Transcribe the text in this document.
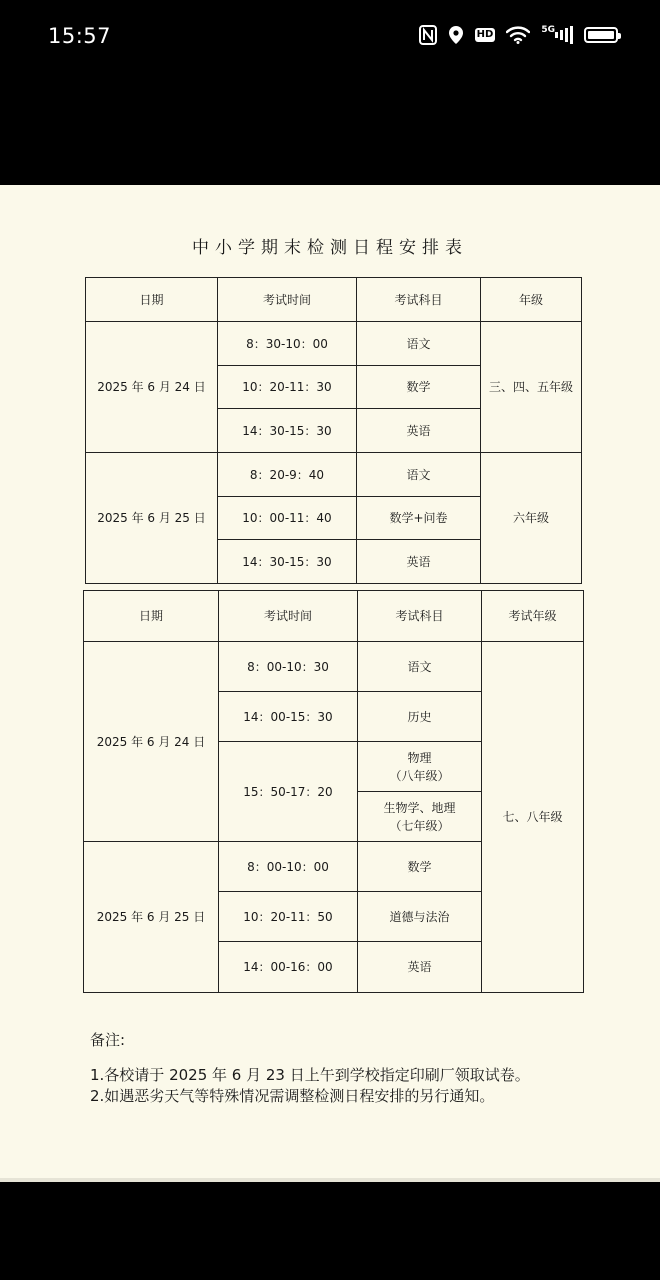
15:57	HD	5G
中小学期末检测日程安排表
日期	考试时间	考试科目	年级
2025 年 6 月 24 日	8：30-10：00	语文	三、四、五年级
	10：20-11：30	数学	
	14：30-15：30	英语	
2025 年 6 月 25 日	8：20-9：40	语文	六年级
	10：00-11：40	数学+问卷	
	14：30-15：30	英语	
日期	考试时间	考试科目	考试年级
2025 年 6 月 24 日	8：00-10：30	语文	七、八年级
	14：00-15：30	历史	
	15：50-17：20	物理
（八年级）	

		生物学、地理
（七年级）	

2025 年 6 月 25 日	8：00-10：00	数学	
	10：20-11：50	道德与法治	
	14：00-16：00	英语	
备注:
1.各校请于 2025 年 6 月 23 日上午到学校指定印刷厂领取试卷。
2.如遇恶劣天气等特殊情况需调整检测日程安排的另行通知。
